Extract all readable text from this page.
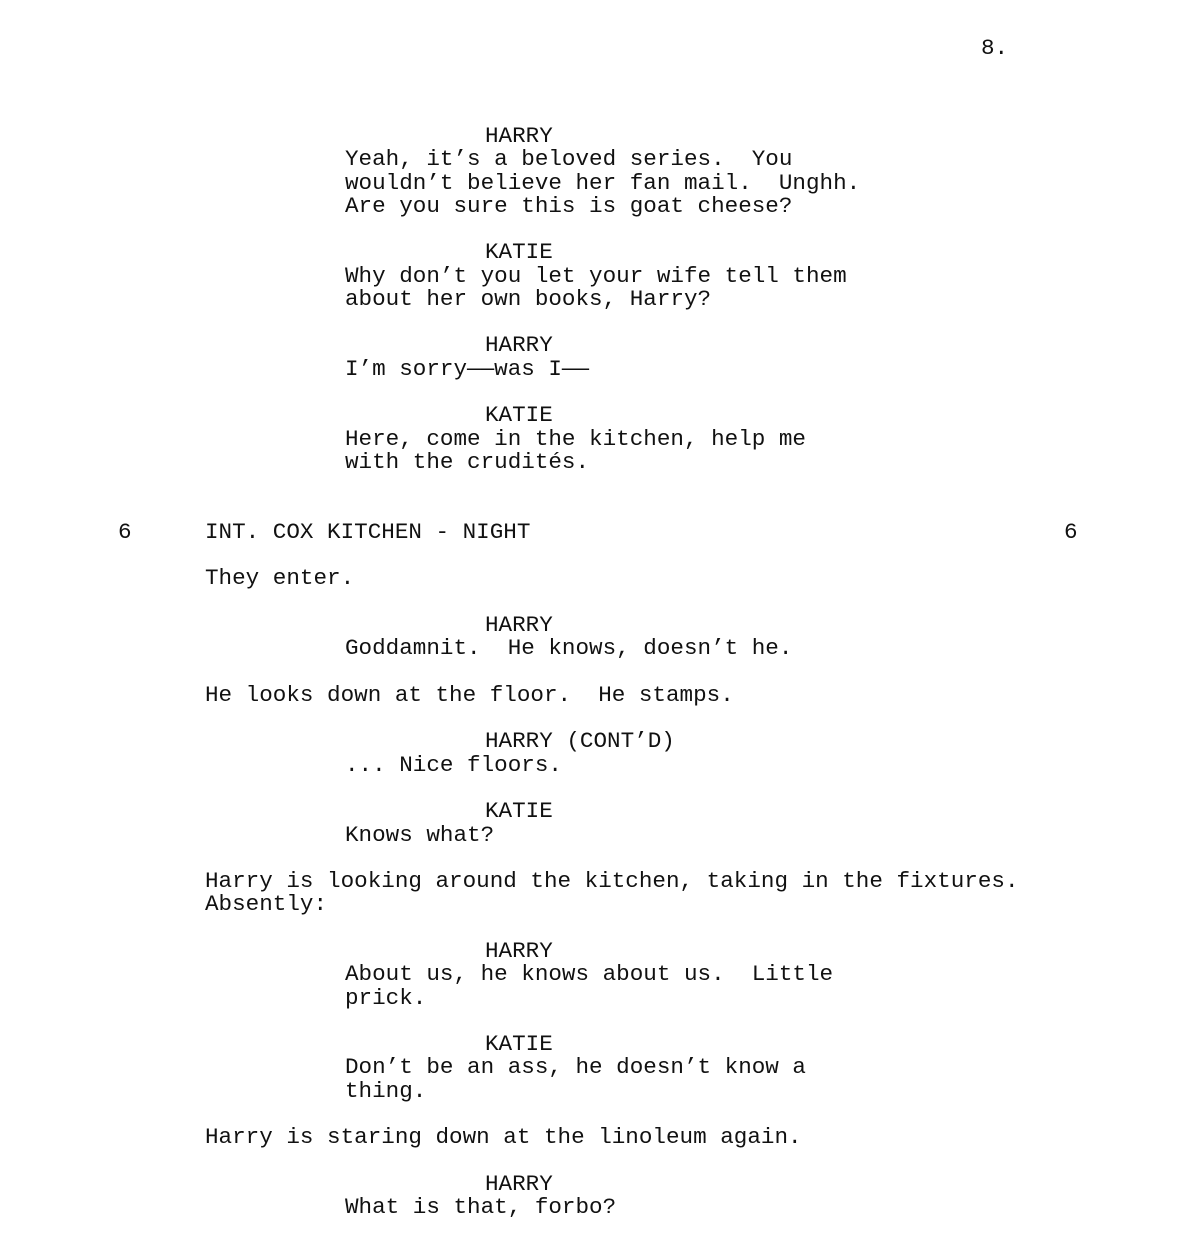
8.
HARRY
Yeah, it’s a beloved series.  You
wouldn’t believe her fan mail.  Unghh.
Are you sure this is goat cheese?
KATIE
Why don’t you let your wife tell them
about her own books, Harry?
HARRY
I’m sorry——was I——
KATIE
Here, come in the kitchen, help me
with the crudités.
6	INT. COX KITCHEN - NIGHT	6
They enter.
HARRY
Goddamnit.  He knows, doesn’t he.
He looks down at the floor.  He stamps.
HARRY (CONT’D)
... Nice floors.
KATIE
Knows what?
Harry is looking around the kitchen, taking in the fixtures.
Absently:
HARRY
About us, he knows about us.  Little
prick.
KATIE
Don’t be an ass, he doesn’t know a
thing.
Harry is staring down at the linoleum again.
HARRY
What is that, forbo?
